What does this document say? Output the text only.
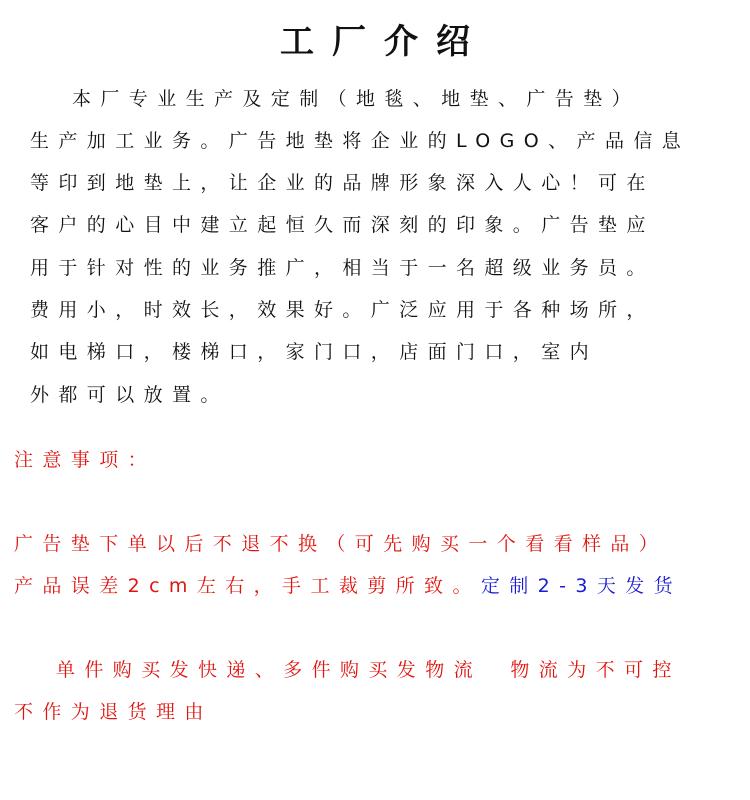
工厂介绍
本厂专业生产及定制（地毯、地垫、广告垫）
生产加工业务。广告地垫将企业的LOGO、产品信息
等印到地垫上，让企业的品牌形象深入人心！可在
客户的心目中建立起恒久而深刻的印象。广告垫应
用于针对性的业务推广，相当于一名超级业务员。
费用小，时效长，效果好。广泛应用于各种场所，
如电梯口，楼梯口，家门口，店面门口，室内
外都可以放置。
注意事项：
广告垫下单以后不退不换（可先购买一个看看样品）
产品误差2cm左右，手工裁剪所致。定制2-3天发货
单件购买发快递、多件购买发物流　物流为不可控
不作为退货理由
